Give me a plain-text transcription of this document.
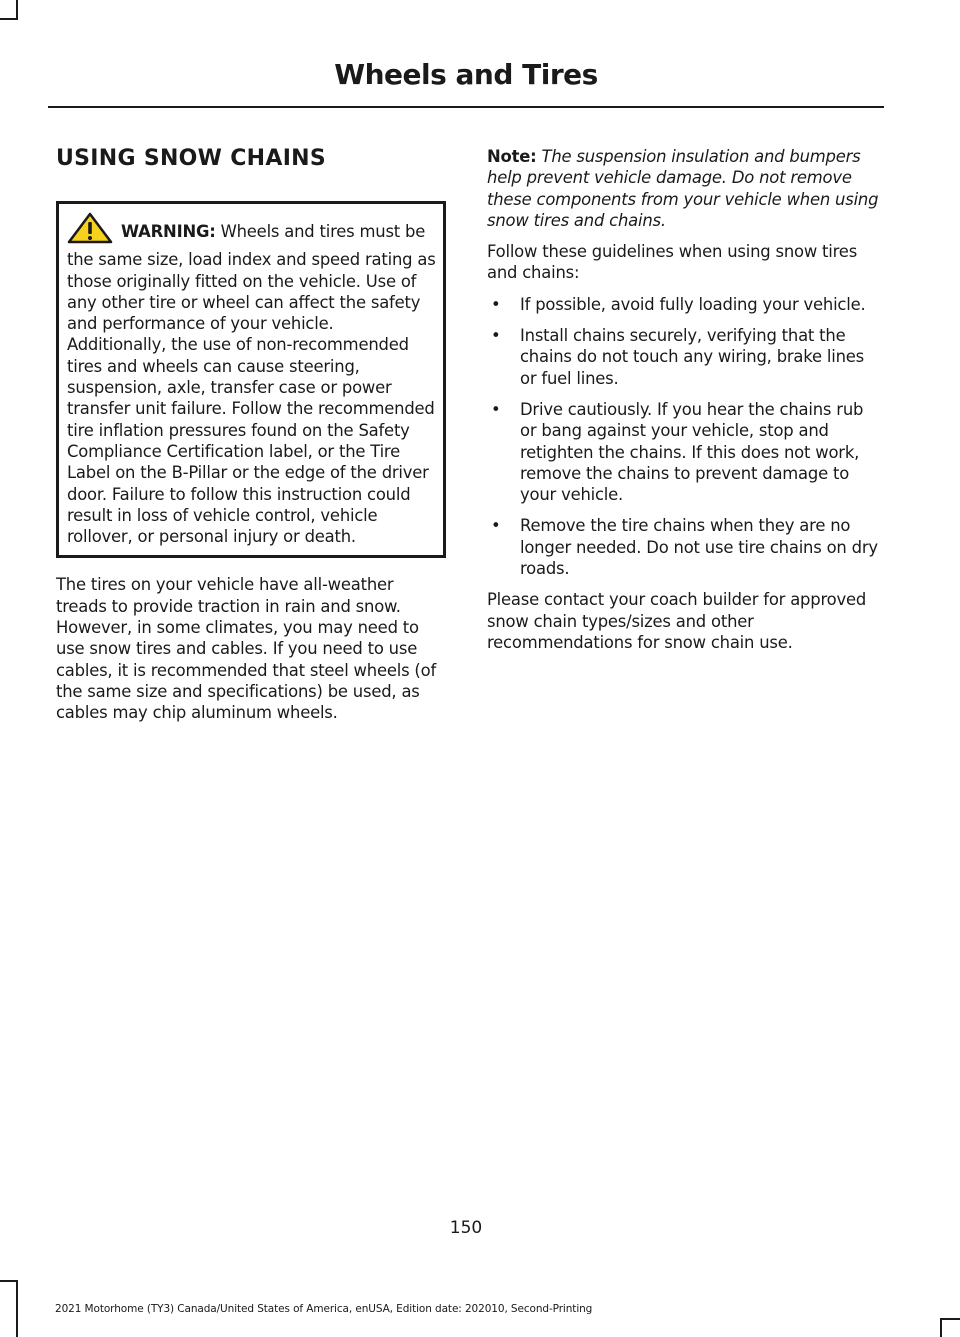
Wheels and Tires
USING SNOW CHAINS
WARNING: Wheels and tires must be the same size, load index and speed rating as those originally fitted on the vehicle. Use of any other tire or wheel can affect the safety and performance of your vehicle. Additionally, the use of non-recommended tires and wheels can cause steering, suspension, axle, transfer case or power transfer unit failure. Follow the recommended tire inflation pressures found on the Safety Compliance Certification label, or the Tire Label on the B-Pillar or the edge of the driver door. Failure to follow this instruction could result in loss of vehicle control, vehicle rollover, or personal injury or death.

The tires on your vehicle have all-weather treads to provide traction in rain and snow. However, in some climates, you may need to use snow tires and cables. If you need to use cables, it is recommended that steel wheels (of the same size and specifications) be used, as cables may chip aluminum wheels.

Note: The suspension insulation and bumpers help prevent vehicle damage. Do not remove these components from your vehicle when using snow tires and chains.

Follow these guidelines when using snow tires and chains:

• If possible, avoid fully loading your vehicle.
• Install chains securely, verifying that the chains do not touch any wiring, brake lines or fuel lines.
• Drive cautiously. If you hear the chains rub or bang against your vehicle, stop and retighten the chains. If this does not work, remove the chains to prevent damage to your vehicle.
• Remove the tire chains when they are no longer needed. Do not use tire chains on dry roads.

Please contact your coach builder for approved snow chain types/sizes and other recommendations for snow chain use.

150
2021 Motorhome (TY3) Canada/United States of America, enUSA, Edition date: 202010, Second-Printing
